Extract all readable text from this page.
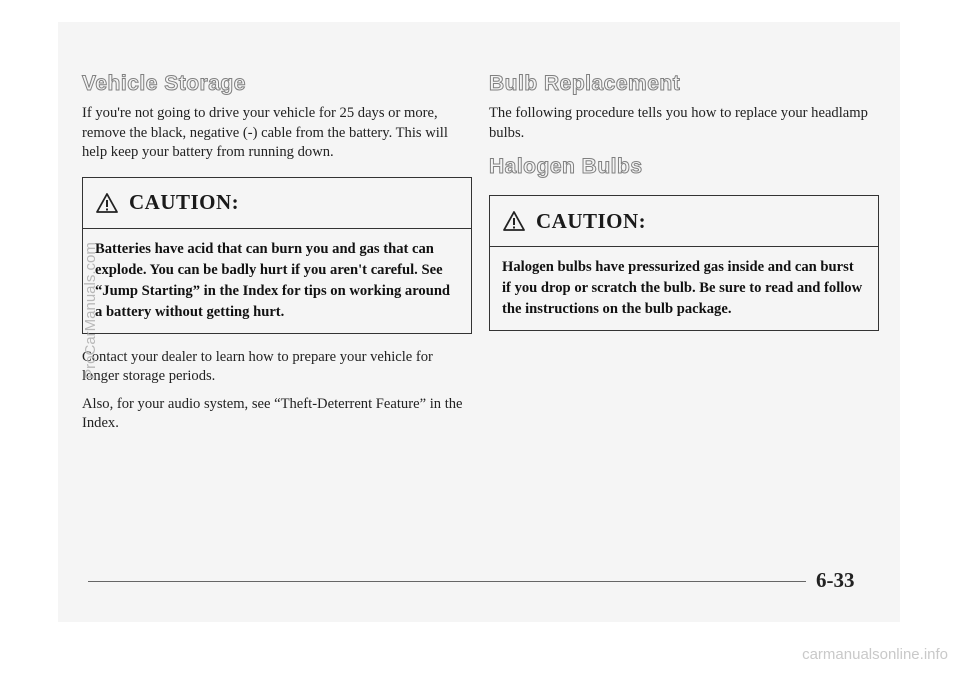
Vehicle Storage

If you're not going to drive your vehicle for 25 days or more, remove the black, negative (-) cable from the battery. This will help keep your battery from running down.

CAUTION:
Batteries have acid that can burn you and gas that can explode. You can be badly hurt if you aren't careful. See “Jump Starting” in the Index for tips on working around a battery without getting hurt.

Contact your dealer to learn how to prepare your vehicle for longer storage periods.

Also, for your audio system, see “Theft-Deterrent Feature” in the Index.

Bulb Replacement

The following procedure tells you how to replace your headlamp bulbs.

Halogen Bulbs
CAUTION:
Halogen bulbs have pressurized gas inside and can burst if you drop or scratch the bulb. Be sure to read and follow the instructions on the bulb package.
6-33
ProCarManuals.com
carmanualsonline.info
